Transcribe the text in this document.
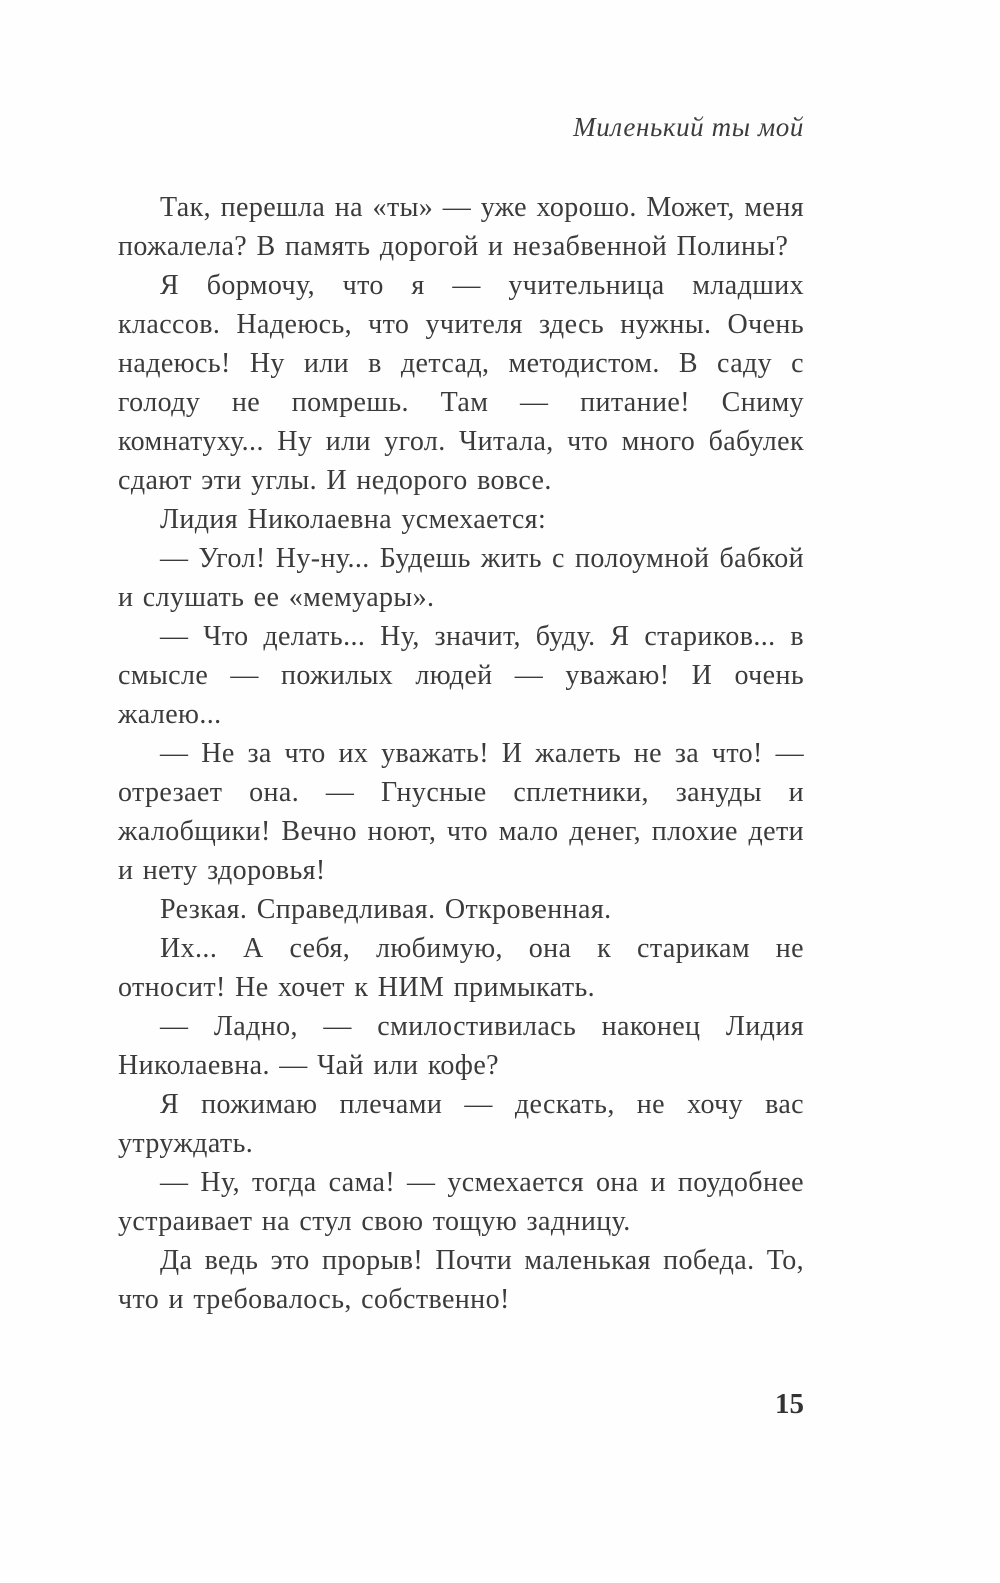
Миленький ты мой

Так, перешла на «ты» — уже хорошо. Может, меня пожалела? В память дорогой и незабвенной Полины?

Я бормочу, что я — учительница младших классов. Надеюсь, что учителя здесь нужны. Очень надеюсь! Ну или в детсад, методистом. В саду с голоду не помрешь. Там — питание! Сниму комнатуху... Ну или угол. Читала, что много бабулек сдают эти углы. И недорого вовсе.

Лидия Николаевна усмехается:

— Угол! Ну-ну... Будешь жить с полоумной бабкой и слушать ее «мемуары».

— Что делать... Ну, значит, буду. Я стариков... в смысле — пожилых людей — уважаю! И очень жалею...

— Не за что их уважать! И жалеть не за что! — отрезает она. — Гнусные сплетники, зануды и жалобщики! Вечно ноют, что мало денег, плохие дети и нету здоровья!

Резкая. Справедливая. Откровенная.

Их... А себя, любимую, она к старикам не относит! Не хочет к НИМ примыкать.

— Ладно, — смилостивилась наконец Лидия Николаевна. — Чай или кофе?

Я пожимаю плечами — дескать, не хочу вас утруждать.

— Ну, тогда сама! — усмехается она и поудобнее устраивает на стул свою тощую задницу.

Да ведь это прорыв! Почти маленькая победа. То, что и требовалось, собственно!

15
